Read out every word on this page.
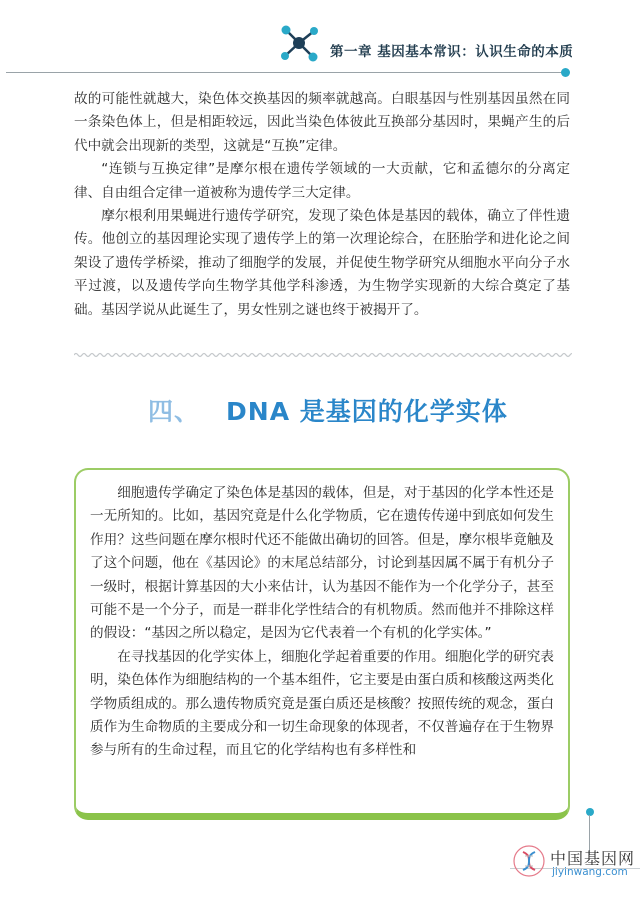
第一章 基因基本常识：认识生命的本质

故的可能性就越大，染色体交换基因的频率就越高。白眼基因与性别基因虽然在同一条染色体上，但是相距较远，因此当染色体彼此互换部分基因时，果蝇产生的后代中就会出现新的类型，这就是“互换”定律。

“连锁与互换定律”是摩尔根在遗传学领域的一大贡献，它和孟德尔的分离定律、自由组合定律一道被称为遗传学三大定律。

摩尔根利用果蝇进行遗传学研究，发现了染色体是基因的载体，确立了伴性遗传。他创立的基因理论实现了遗传学上的第一次理论综合，在胚胎学和进化论之间架设了遗传学桥梁，推动了细胞学的发展，并促使生物学研究从细胞水平向分子水平过渡，以及遗传学向生物学其他学科渗透，为生物学实现新的大综合奠定了基础。基因学说从此诞生了，男女性别之谜也终于被揭开了。

四、 DNA 是基因的化学实体

细胞遗传学确定了染色体是基因的载体，但是，对于基因的化学本性还是一无所知的。比如，基因究竟是什么化学物质，它在遗传传递中到底如何发生作用？这些问题在摩尔根时代还不能做出确切的回答。但是，摩尔根毕竟触及了这个问题，他在《基因论》的末尾总结部分，讨论到基因属不属于有机分子一级时，根据计算基因的大小来估计，认为基因不能作为一个化学分子，甚至可能不是一个分子，而是一群非化学性结合的有机物质。然而他并不排除这样的假设：“基因之所以稳定，是因为它代表着一个有机的化学实体。”

在寻找基因的化学实体上，细胞化学起着重要的作用。细胞化学的研究表明，染色体作为细胞结构的一个基本组件，它主要是由蛋白质和核酸这两类化学物质组成的。那么遗传物质究竟是蛋白质还是核酸？按照传统的观念，蛋白质作为生命物质的主要成分和一切生命现象的体现者，不仅普遍存在于生物界参与所有的生命过程，而且它的化学结构也有多样性和

中国基因网
jiyinwang.com
